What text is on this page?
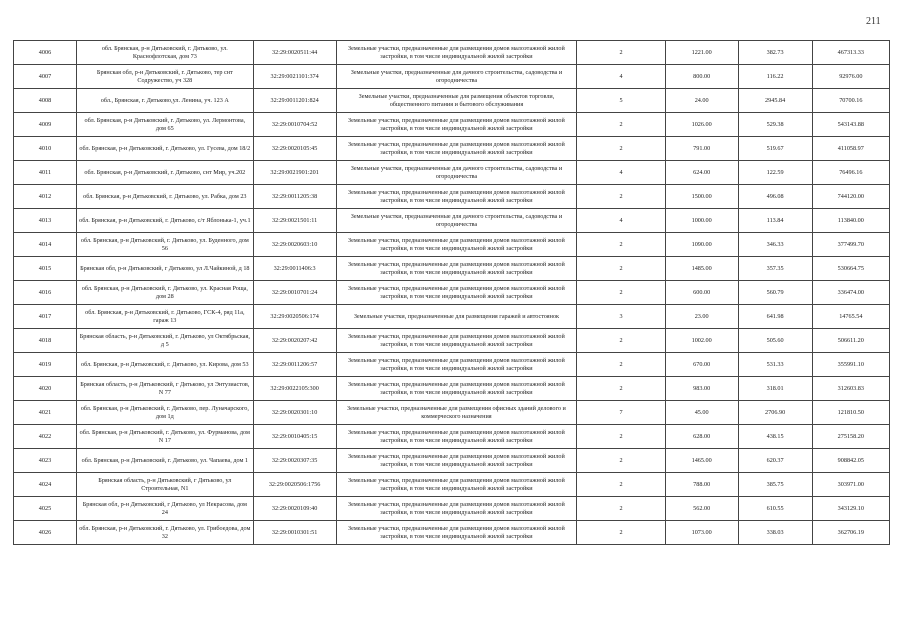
211
4006	обл. Брянская, р-н Дятьковский, г. Дятьково, ул. Краснофлотская, дом 73	32:29:0020511:44	Земельные участки, предназначенные для размещения домов малоэтажной жилой застройки, в том числе индивидуальной жилой застройки	2	1221.00	382.73	467313.33
4007	Брянская обл, р-н Дятьковский, г. Дятьково, тер снт Содружество, уч 328	32:29:0021101:374	Земельные участки, предназначенные для дачного строительства, садоводства и огородничества	4	800.00	116.22	92976.00
4008	обл., Брянская, г. Дятьково,ул. Ленина, уч. 123 А	32:29:0011201:824	Земельные участки, предназначенные для размещения объектов торговли, общественного питания и бытового обслуживания	5	24.00	2945.84	70700.16
4009	обл. Брянская, р-н Дятьковский, г. Дятьково, ул. Лермонтова, дом 65	32:29:0010704:52	Земельные участки, предназначенные для размещения домов малоэтажной жилой застройки, в том числе индивидуальной жилой застройки	2	1026.00	529.38	543143.88
4010	обл. Брянская, р-н Дятьковский, г. Дятьково, ул. Гусева, дом 18/2	32:29:0020105:45	Земельные участки, предназначенные для размещения домов малоэтажной жилой застройки, в том числе индивидуальной жилой застройки	2	791.00	519.67	411058.97
4011	обл. Брянская, р-н Дятьковский, г. Дятьково, снт Мир, уч.202	32:29:0021901:201	Земельные участки, предназначенные для дачного строительства, садоводства и огородничества	4	624.00	122.59	76496.16
4012	обл. Брянская, р-н Дятьковский, г. Дятьково, ул. Рабка, дом 23	32:29:0011205:38	Земельные участки, предназначенные для размещения домов малоэтажной жилой застройки, в том числе индивидуальной жилой застройки	2	1500.00	496.08	744120.00
4013	обл. Брянская, р-н Дятьковский, г. Дятьково, с/т Яблонька-1, уч.1	32:29:0021501:11	Земельные участки, предназначенные для дачного строительства, садоводства и огородничества	4	1000.00	113.84	113840.00
4014	обл. Брянская, р-н Дятьковский, г. Дятьково, ул. Буденного, дом 56	32:29:0020603:10	Земельные участки, предназначенные для размещения домов малоэтажной жилой застройки, в том числе индивидуальной жилой застройки	2	1090.00	346.33	377499.70
4015	Брянская обл, р-н Дятьковский, г Дятьково, ул Л.Чайкиной, д 18	32:29:0011406:3	Земельные участки, предназначенные для размещения домов малоэтажной жилой застройки, в том числе индивидуальной жилой застройки	2	1485.00	357.35	530664.75
4016	обл. Брянская, р-н Дятьковский, г. Дятьково, ул. Красная Роща, дом 28	32:29:0010701:24	Земельные участки, предназначенные для размещения домов малоэтажной жилой застройки, в том числе индивидуальной жилой застройки	2	600.00	560.79	336474.00
4017	обл. Брянская, р-н Дятьковский, г. Дятьково, ГСК-4, ряд 11а, гараж 13	32:29:0020506:174	Земельные участки, предназначенные для размещения гаражей и автостоянок	3	23.00	641.98	14765.54
4018	Брянская область, р-н Дятьковский, г. Дятьково, ул Октябрьская, д 5	32:29:0020207:42	Земельные участки, предназначенные для размещения домов малоэтажной жилой застройки, в том числе индивидуальной жилой застройки	2	1002.00	505.60	506611.20
4019	обл. Брянская, р-н Дятьковский, г. Дятьково, ул. Кирова, дом 53	32:29:0011206:57	Земельные участки, предназначенные для размещения домов малоэтажной жилой застройки, в том числе индивидуальной жилой застройки	2	670.00	531.33	355991.10
4020	Брянская область, р-н Дятьковский, г Дятьково, ул Энтузиастов, N 77	32:29:0022105:300	Земельные участки, предназначенные для размещения домов малоэтажной жилой застройки, в том числе индивидуальной жилой застройки	2	983.00	318.01	312603.83
4021	обл. Брянская, р-н Дятьковский, г. Дятьково, пер. Луначарского, дом 1д	32:29:0020301:10	Земельные участки, предназначенные для размещения офисных зданий делового и коммерческого назначения	7	45.00	2706.90	121810.50
4022	обл. Брянская, р-н Дятьковский, г. Дятьково, ул. Фурманова, дом N 17	32:29:0010405:15	Земельные участки, предназначенные для размещения домов малоэтажной жилой застройки, в том числе индивидуальной жилой застройки	2	628.00	438.15	275158.20
4023	обл. Брянская, р-н Дятьковский, г. Дятьково, ул. Чапаева, дом 1	32:29:0020307:35	Земельные участки, предназначенные для размещения домов малоэтажной жилой застройки, в том числе индивидуальной жилой застройки	2	1465.00	620.37	908842.05
4024	Брянская область, р-н Дятьковский, г Дятьково, ул Строительная, N1	32:29:0020506:1756	Земельные участки, предназначенные для размещения домов малоэтажной жилой застройки, в том числе индивидуальной жилой застройки	2	788.00	385.75	303971.00
4025	Брянская обл, р-н Дятьковский, г Дятьково, ул Некрасова, дом 24	32:29:0020109:40	Земельные участки, предназначенные для размещения домов малоэтажной жилой застройки, в том числе индивидуальной жилой застройки	2	562.00	610.55	343129.10
4026	обл. Брянская, р-н Дятьковский, г. Дятьково, ул. Грибоедова, дом 32	32:29:0010301:51	Земельные участки, предназначенные для размещения домов малоэтажной жилой застройки, в том числе индивидуальной жилой застройки	2	1073.00	338.03	362706.19
